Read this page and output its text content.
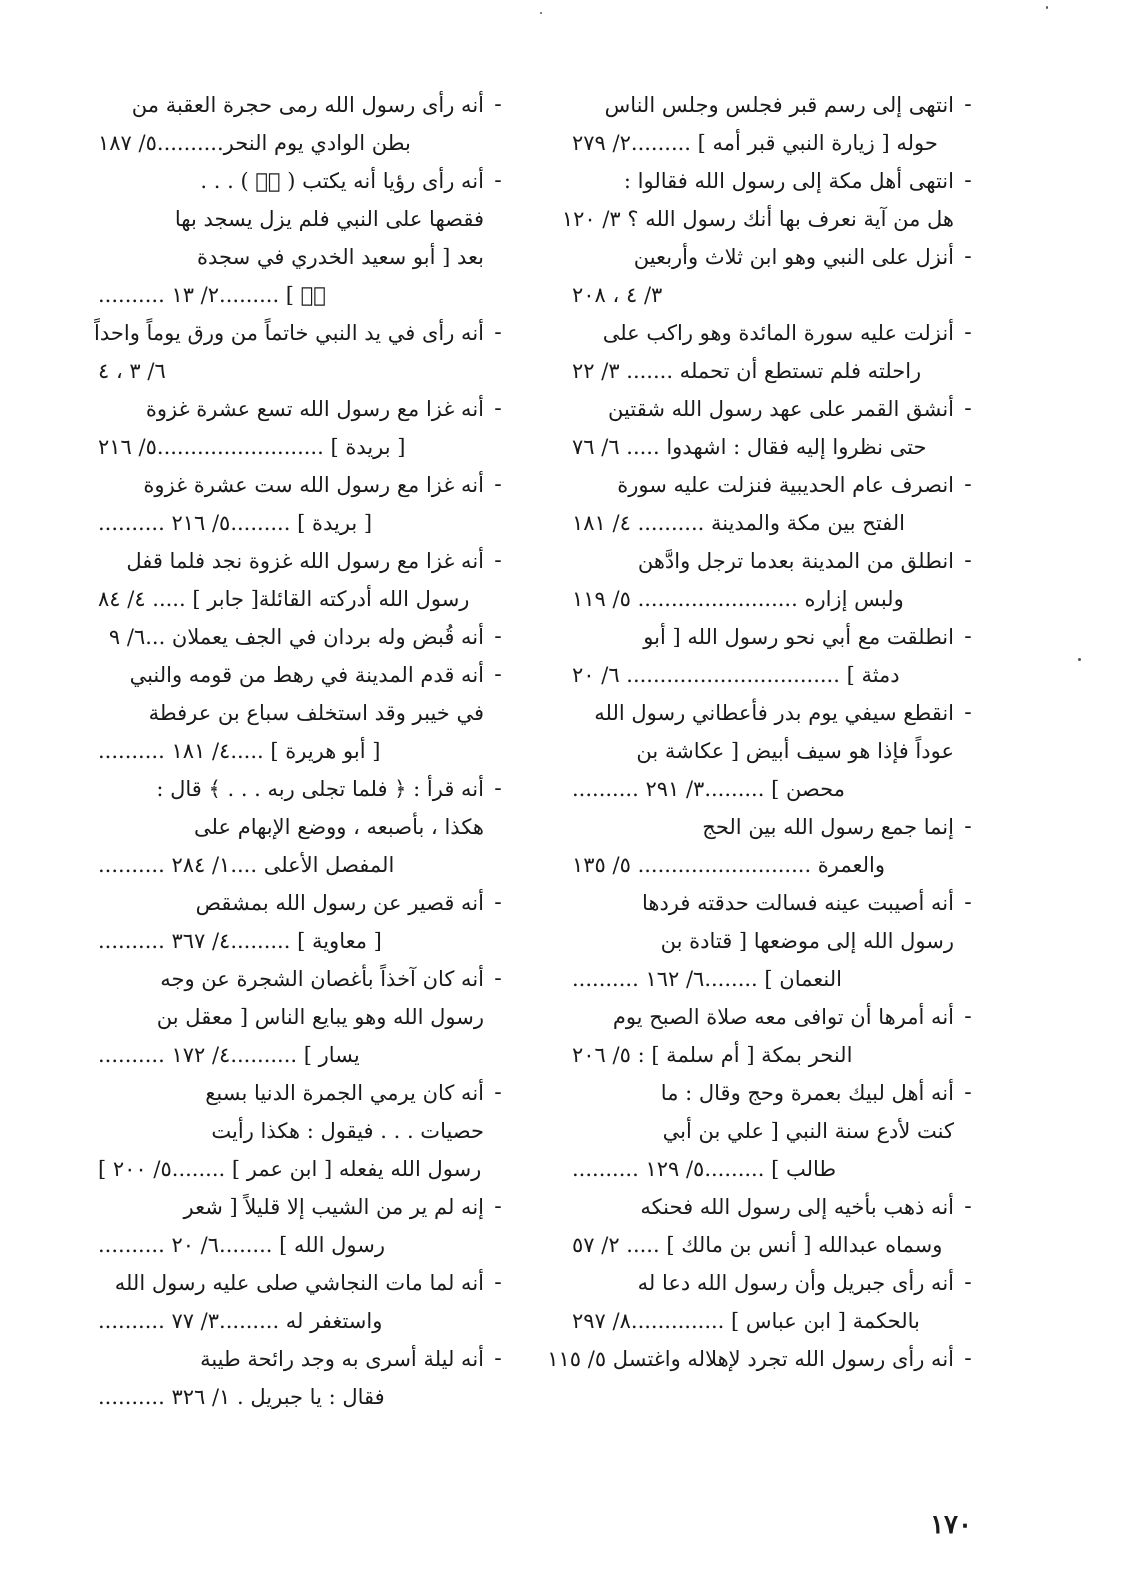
-
انتهى إلى رسم قبر فجلس وجلس الناس
حوله [ زيارة النبي قبر أمه ] .........٢/ ٢٧٩
-
انتهى أهل مكة إلى رسول الله فقالوا :
هل من آية نعرف بها أنك رسول الله ؟ ٣/ ١٢٠
-
أنزل على النبي وهو ابن ثلاث وأربعين
٣/ ٤ ، ٢٠٨
-
أنزلت عليه سورة المائدة وهو راكب على
راحلته فلم تستطع أن تحمله ....... ٣/ ٢٢
-
أنشق القمر على عهد رسول الله شقتين
حتى نظروا إليه فقال : اشهدوا ..... ٦/ ٧٦
-
انصرف عام الحديبية فنزلت عليه سورة
الفتح بين مكة والمدينة .......... ٤/ ١٨١
-
انطلق من المدينة بعدما ترجل وادَّهن
ولبس إزاره ........................ ٥/ ١١٩
-
انطلقت مع أبي نحو رسول الله [ أبو
دمثة ] ................................ ٦/ ٢٠
-
انقطع سيفي يوم بدر فأعطاني رسول الله
عوداً فإذا هو سيف أبيض [ عكاشة بن
محصن ] .........٣/ ٢٩١ ..........
-
إنما جمع رسول الله بين الحج
والعمرة .......................... ٥/ ١٣٥
-
أنه أصيبت عينه فسالت حدقته فردها
رسول الله إلى موضعها [ قتادة بن
النعمان ] ........٦/ ١٦٢ ..........
-
أنه أمرها أن توافى معه صلاة الصبح يوم
النحر بمكة [ أم سلمة ] : ٥/ ٢٠٦
-
أنه أهل لبيك بعمرة وحج وقال : ما
كنت لأدع سنة النبي [ علي بن أبي
طالب ] .........٥/ ١٢٩ ..........
-
أنه ذهب بأخيه إلى رسول الله فحنكه
وسماه عبدالله [ أنس بن مالك ] ..... ٢/ ٥٧
-
أنه رأى جبريل وأن رسول الله دعا له
بالحكمة [ ابن عباس ] ..............٨/ ٢٩٧
-
أنه رأى رسول الله تجرد لإهلاله واغتسل ٥/ ١١٥
-
أنه رأى رسول الله رمى حجرة العقبة من
بطن الوادي يوم النحر..........٥/ ١٨٧
-
أنه رأى رؤيا أنه يكتب ( صۤ ) . . .
فقصها على النبي فلم يزل يسجد بها
بعد [ أبو سعيد الخدري في سجدة
صۤ ] .........٢/ ١٣ ..........
-
أنه رأى في يد النبي خاتماً من ورق يوماً واحداً
٦/ ٣ ، ٤
-
أنه غزا مع رسول الله تسع عشرة غزوة
[ بريدة ] .........................٥/ ٢١٦
-
أنه غزا مع رسول الله ست عشرة غزوة
[ بريدة ] .........٥/ ٢١٦ ..........
-
أنه غزا مع رسول الله غزوة نجد فلما قفل
رسول الله أدركته القائلة[ جابر ] ..... ٤/ ٨٤
-
أنه قُبض وله بردان في الجف يعملان ...٦/ ٩
-
أنه قدم المدينة في رهط من قومه والنبي
في خيبر وقد استخلف سباع بن عرفطة
[ أبو هريرة ] .....٤/ ١٨١ ..........
-
أنه قرأ : ﴿ فلما تجلى ربه . . . ﴾ قال :
هكذا ، بأصبعه ، ووضع الإبهام على
المفصل الأعلى ....١/ ٢٨٤ ..........
-
أنه قصير عن رسول الله بمشقص
[ معاوية ] .........٤/ ٣٦٧ ..........
-
أنه كان آخذاً بأغصان الشجرة عن وجه
رسول الله وهو يبايع الناس [ معقل بن
يسار ] ..........٤/ ١٧٢ ..........
-
أنه كان يرمي الجمرة الدنيا بسبع
حصيات . . . فيقول : هكذا رأيت
رسول الله يفعله [ ابن عمر ] ........٥/ ٢٠٠ ]
-
إنه لم ير من الشيب إلا قليلاً [ شعر
رسول الله ] ........٦/ ٢٠ ..........
-
أنه لما مات النجاشي صلى عليه رسول الله
واستغفر له .........٣/ ٧٧ ..........
-
أنه ليلة أسرى به وجد رائحة طيبة
فقال : يا جبريل . ١/ ٣٢٦ ..........
١٧٠
